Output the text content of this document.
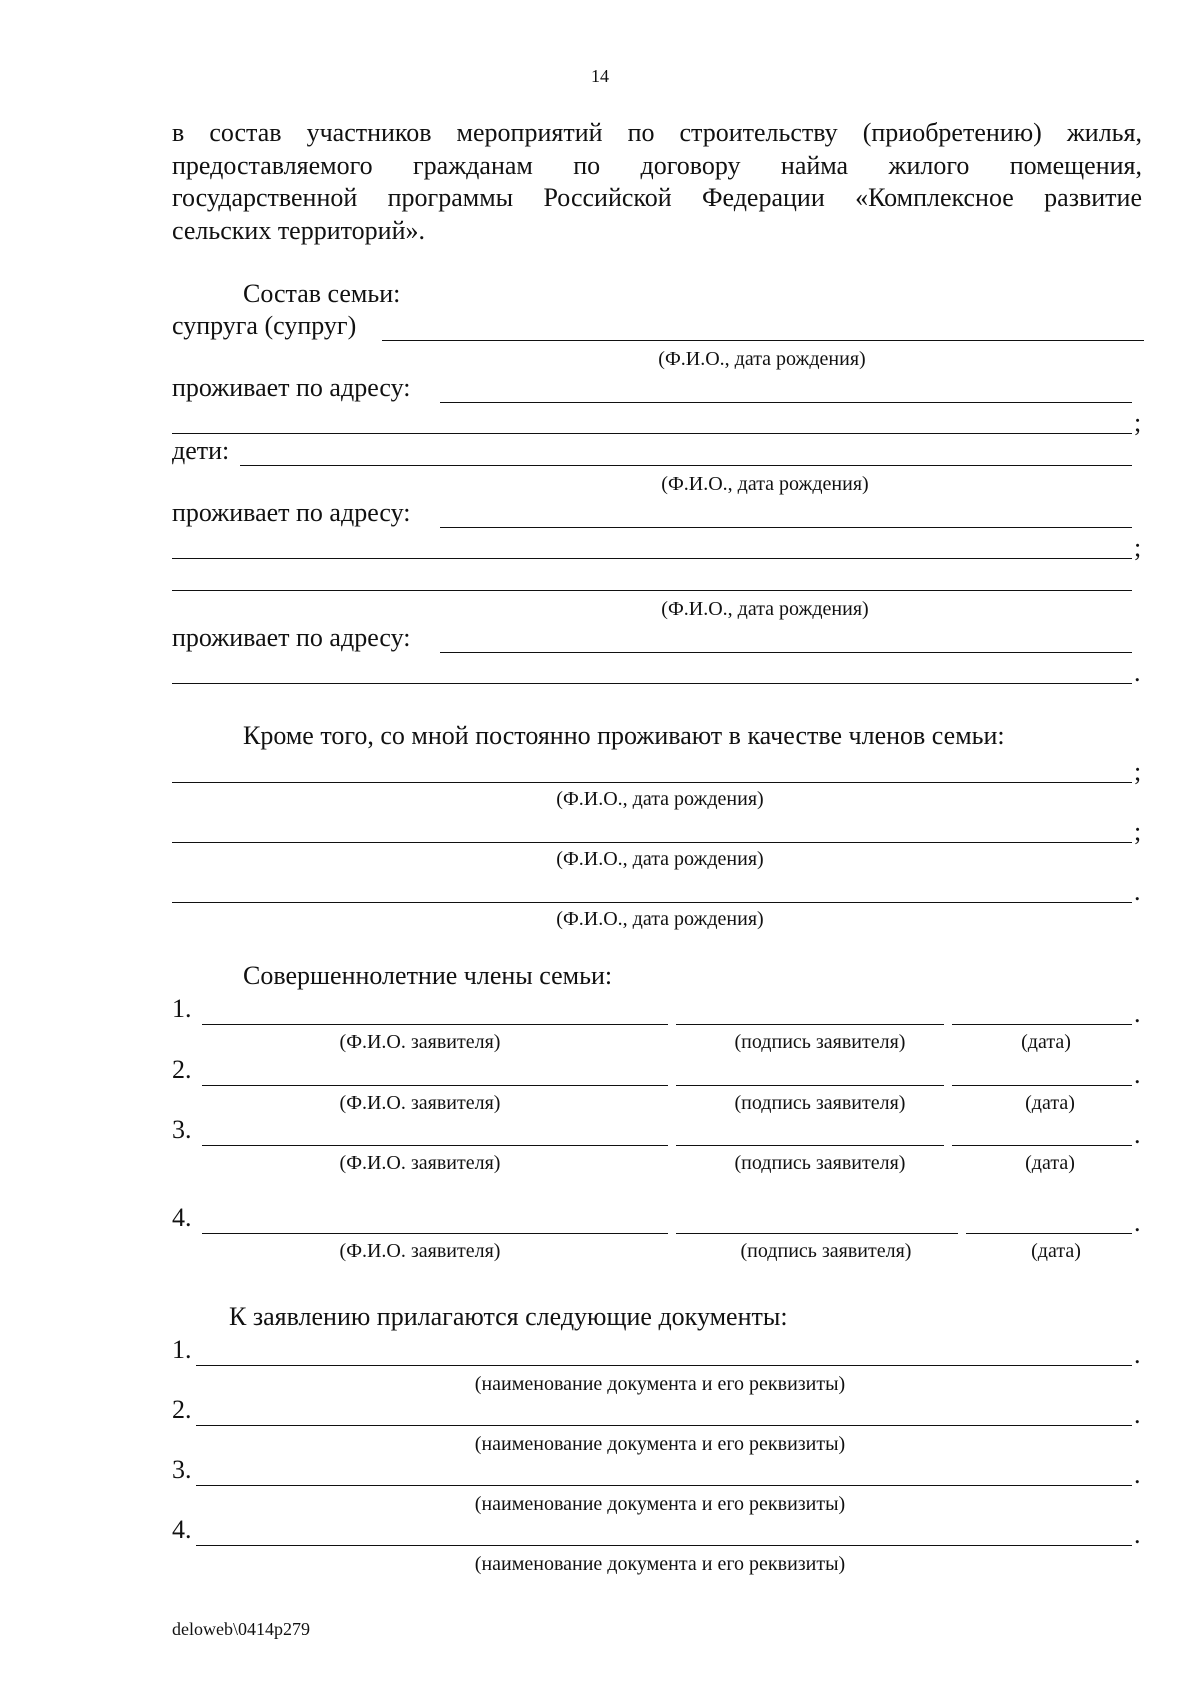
14
в состав участников мероприятий по строительству (приобретению) жилья,
предоставляемого гражданам по договору найма жилого помещения,
государственной программы Российской Федерации «Комплексное развитие
сельских территорий».
Состав семьи:
супруга (супруг)
(Ф.И.О., дата рождения)
проживает по адресу:
;
дети:
(Ф.И.О., дата рождения)
проживает по адресу:
;
(Ф.И.О., дата рождения)
проживает по адресу:
.
Кроме того, со мной постоянно проживают в качестве членов семьи:
;
(Ф.И.О., дата рождения)
;
(Ф.И.О., дата рождения)
.
(Ф.И.О., дата рождения)
Совершеннолетние члены семьи:
1.	.
(Ф.И.О. заявителя)	(подпись заявителя)	(дата)
2.	.
(Ф.И.О. заявителя)	(подпись заявителя)	(дата)
3.	.
(Ф.И.О. заявителя)	(подпись заявителя)	(дата)
4.	.
(Ф.И.О. заявителя)	(подпись заявителя)	(дата)
К заявлению прилагаются следующие документы:
1.	.
(наименование документа и его реквизиты)
2.	.
(наименование документа и его реквизиты)
3.	.
(наименование документа и его реквизиты)
4.	.
(наименование документа и его реквизиты)
deloweb\0414p279
